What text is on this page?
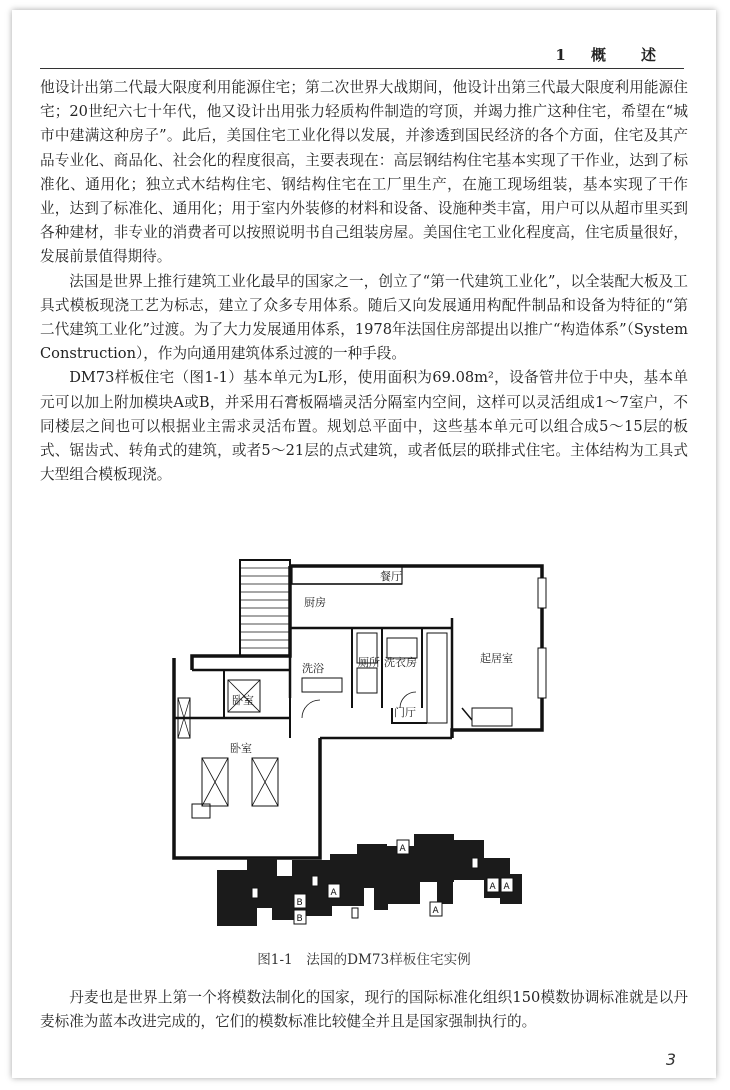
1 概　述

他设计出第二代最大限度利用能源住宅；第二次世界大战期间，他设计出第三代最大限度利用能源住宅；20世纪六七十年代，他又设计出用张力轻质构件制造的穹顶，并竭力推广这种住宅，希望在“城市中建满这种房子”。此后，美国住宅工业化得以发展，并渗透到国民经济的各个方面，住宅及其产品专业化、商品化、社会化的程度很高，主要表现在：高层钢结构住宅基本实现了干作业，达到了标准化、通用化；独立式木结构住宅、钢结构住宅在工厂里生产，在施工现场组装，基本实现了干作业，达到了标准化、通用化；用于室内外装修的材料和设备、设施种类丰富，用户可以从超市里买到各种建材，非专业的消费者可以按照说明书自己组装房屋。美国住宅工业化程度高，住宅质量很好，发展前景值得期待。

法国是世界上推行建筑工业化最早的国家之一，创立了“第一代建筑工业化”，以全装配大板及工具式模板现浇工艺为标志，建立了众多专用体系。随后又向发展通用构配件制品和设备为特征的“第二代建筑工业化”过渡。为了大力发展通用体系，1978年法国住房部提出以推广“构造体系”（System Construction），作为向通用建筑体系过渡的一种手段。

DM73样板住宅（图1-1）基本单元为L形，使用面积为69.08m²，设备管井位于中央，基本单元可以加上附加模块A或B，并采用石膏板隔墙灵活分隔室内空间，这样可以灵活组成1～7室户，不同楼层之间也可以根据业主需求灵活布置。规划总平面中，这些基本单元可以组合成5～15层的板式、锯齿式、转角式的建筑，或者5～21层的点式建筑，或者低层的联排式住宅。主体结构为工具式大型组合模板现浇。

餐厅
厨房
起居室
洗浴	厕所 洗衣房
门厅
卧室
卧室
B
B
A
A
A
A A
图1-1　法国的DM73样板住宅实例

丹麦也是世界上第一个将模数法制化的国家，现行的国际标准化组织150模数协调标准就是以丹麦标准为蓝本改进完成的，它们的模数标准比较健全并且是国家强制执行的。

3
